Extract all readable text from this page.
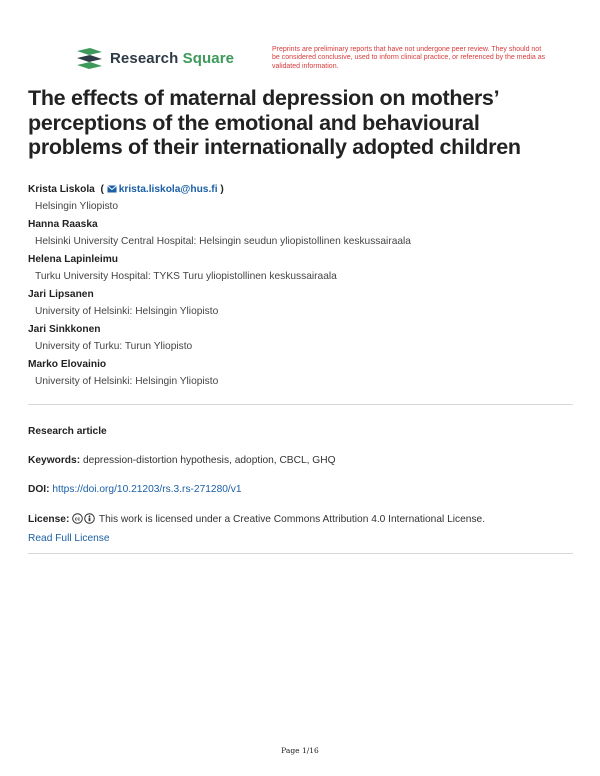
Research Square	Preprints are preliminary reports that have not undergone peer review. They should not be considered conclusive, used to inform clinical practice, or referenced by the media as validated information.
The effects of maternal depression on mothers’ perceptions of the emotional and behavioural problems of their internationally adopted children
Krista Liskola  ( krista.liskola@hus.fi )
Helsingin Yliopisto
Hanna Raaska
Helsinki University Central Hospital: Helsingin seudun yliopistollinen keskussairaala
Helena Lapinleimu
Turku University Hospital: TYKS Turu yliopistollinen keskussairaala
Jari Lipsanen
University of Helsinki: Helsingin Yliopisto
Jari Sinkkonen
University of Turku: Turun Yliopisto
Marko Elovainio
University of Helsinki: Helsingin Yliopisto
Research article
Keywords: depression-distortion hypothesis, adoption, CBCL, GHQ
DOI: https://doi.org/10.21203/rs.3.rs-271280/v1
License: cc This work is licensed under a Creative Commons Attribution 4.0 International License.
Read Full License
Page 1/16
